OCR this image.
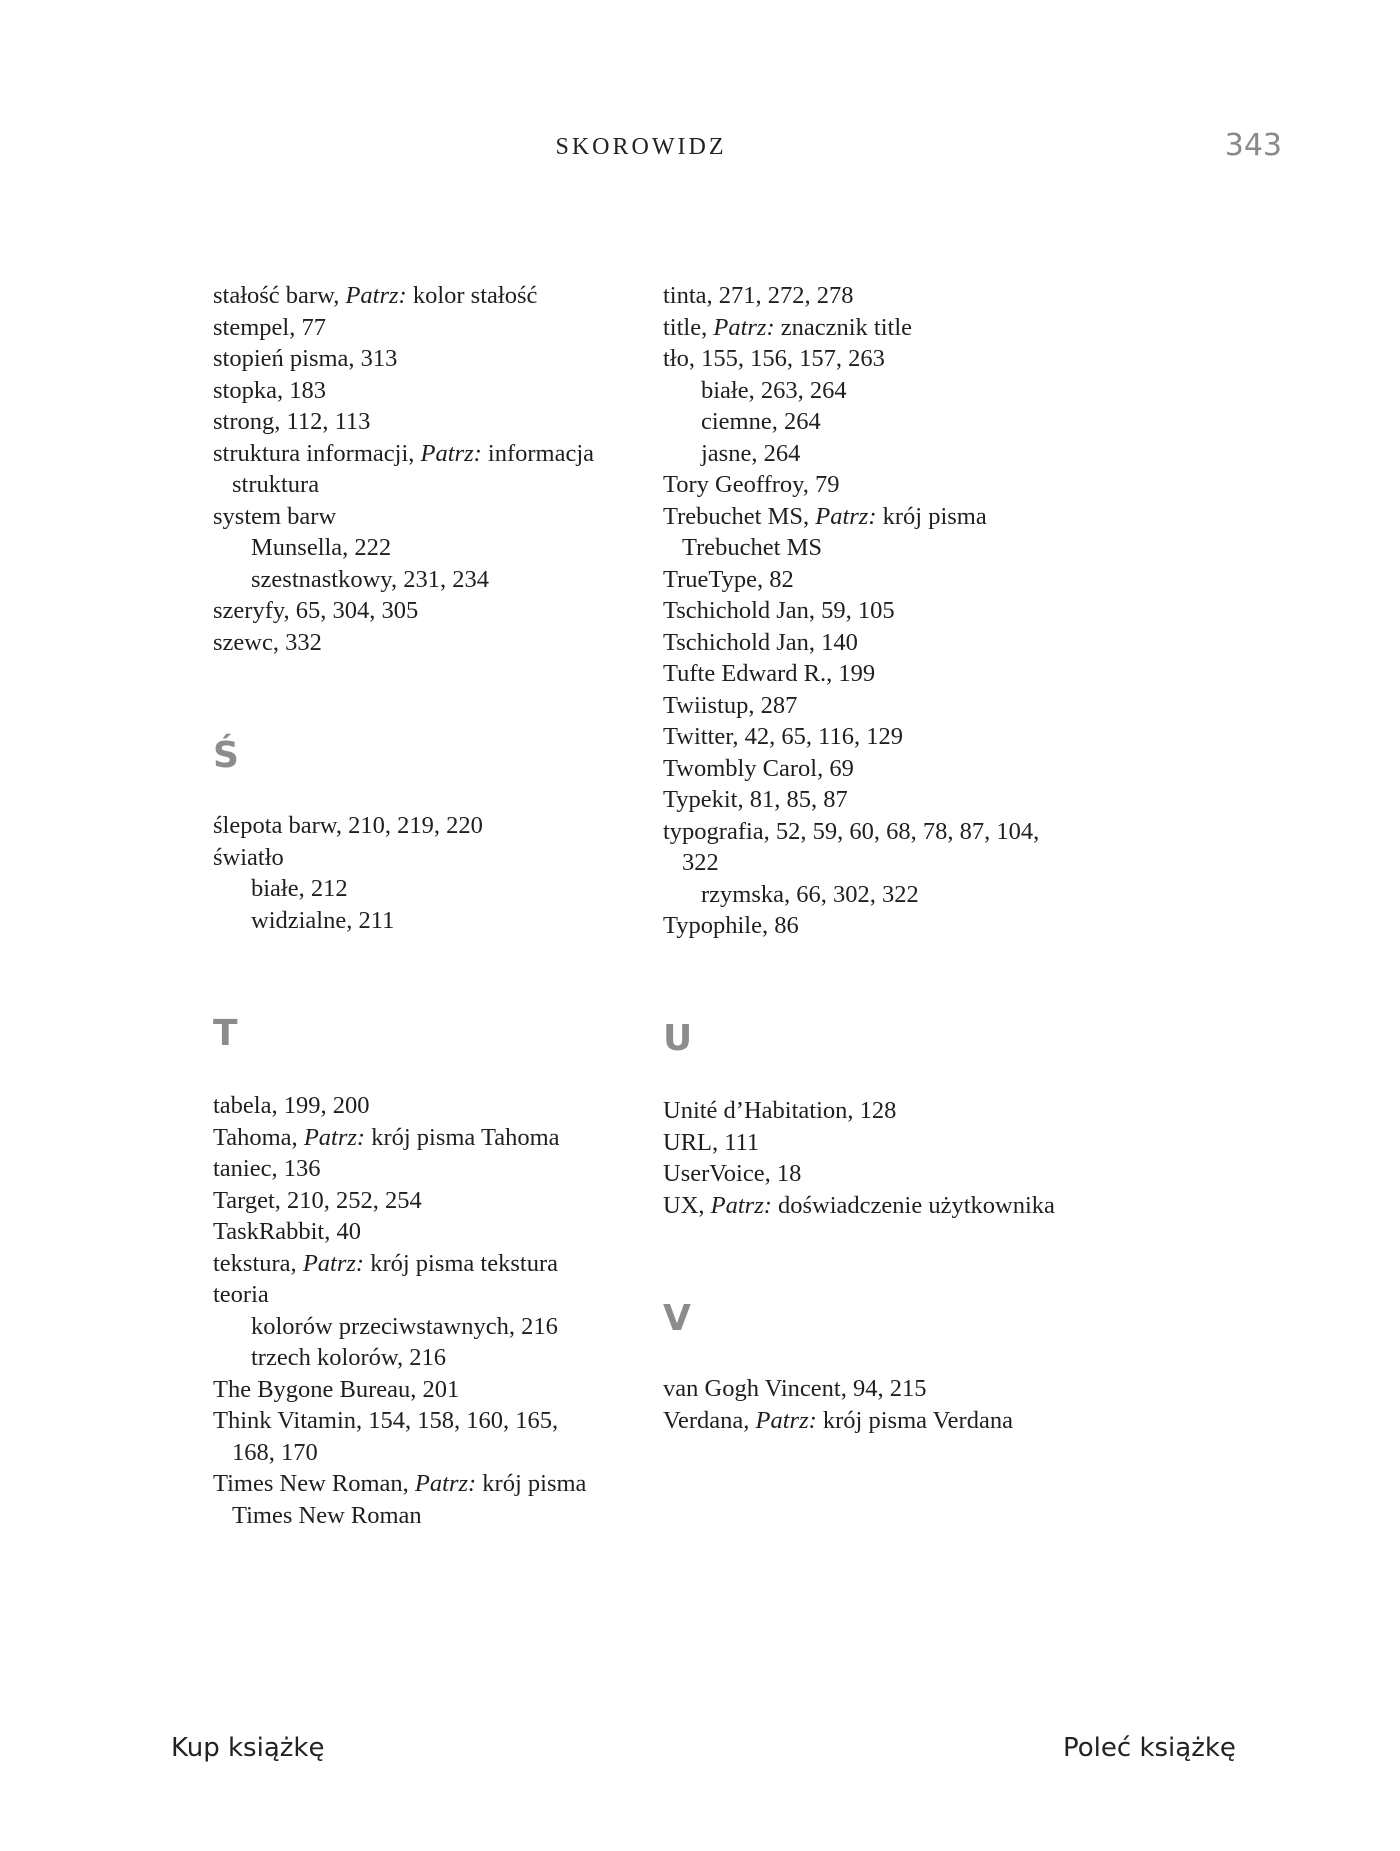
SKOROWIDZ	343
stałość barw, Patrz: kolor stałość
stempel, 77
stopień pisma, 313
stopka, 183
strong, 112, 113
struktura informacji, Patrz: informacja
struktura
system barw
Munsella, 222
szestnastkowy, 231, 234
szeryfy, 65, 304, 305
szewc, 332
Ś
ślepota barw, 210, 219, 220
światło
białe, 212
widzialne, 211
T
tabela, 199, 200
Tahoma, Patrz: krój pisma Tahoma
taniec, 136
Target, 210, 252, 254
TaskRabbit, 40
tekstura, Patrz: krój pisma tekstura
teoria
kolorów przeciwstawnych, 216
trzech kolorów, 216
The Bygone Bureau, 201
Think Vitamin, 154, 158, 160, 165,
168, 170
Times New Roman, Patrz: krój pisma
Times New Roman
tinta, 271, 272, 278
title, Patrz: znacznik title
tło, 155, 156, 157, 263
białe, 263, 264
ciemne, 264
jasne, 264
Tory Geoffroy, 79
Trebuchet MS, Patrz: krój pisma
Trebuchet MS
TrueType, 82
Tschichold Jan, 59, 105
Tschichold Jan, 140
Tufte Edward R., 199
Twiistup, 287
Twitter, 42, 65, 116, 129
Twombly Carol, 69
Typekit, 81, 85, 87
typografia, 52, 59, 60, 68, 78, 87, 104,
322
rzymska, 66, 302, 322
Typophile, 86
U
Unité d’Habitation, 128
URL, 111
UserVoice, 18
UX, Patrz: doświadczenie użytkownika
V
van Gogh Vincent, 94, 215
Verdana, Patrz: krój pisma Verdana
Kup książkę	Poleć książkę
